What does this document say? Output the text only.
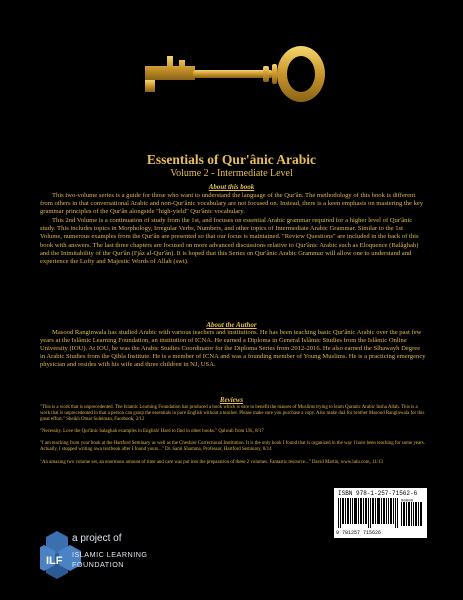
Essentials of Qur'ânic Arabic
Volume 2 - Intermediate Level
About this book

This two-volume series is a guide for those who want to understand the language of the Qur'ân. The methodology of this book is different from others in that conversational Arabic and non-Qur'ânic vocabulary are not focused on. Instead, there is a keen emphasis on mastering the key grammar principles of the Qur'ân alongside "high-yield" Qur'ânic vocabulary.

This 2nd Volume is a continuation of study from the 1st, and focuses on essential Arabic grammar required for a higher level of Qur'ânic study. This includes topics in Morphology, Irregular Verbs, Numbers, and other topics of Intermediate Arabic Grammar. Similar to the 1st Volume, numerous examples from the Qur'ân are presented so that our focus is maintained. "Review Questions" are included in the back of this book with answers. The last three chapters are focused on more advanced discussions relative to Qur'ânic Arabic such as Eloquence (Balâghah) and the Inimitability of the Qur'ân (I'jâz al-Qur'ân). It is hoped that this Series on Qur'ânic Arabic Grammar will allow one to understand and experience the Lofty and Majestic Words of Allah (swt).

About the Author

Masood Ranginwala has studied Arabic with various teachers and institutions. He has been teaching basic Qur'ânic Arabic over the past few years at the Islâmic Learning Foundation, an institution of ICNA. He earned a Diploma in General Islâmic Studies from the Islâmic Online University (IOU). At IOU, he was the Arabic Studies Coordinator for the Diploma Series from 2012-2016. He also earned the Sîhawayh Degree in Arabic Studies from the Qibla Institute. He is a member of ICNA and was a founding member of Young Muslims. He is a practicing emergency physician and resides with his wife and three children in NJ, USA.

Reviews

"This is a work that is unprecedented. The Islamic Learning Foundation has produced a book which is sure to benefit the masses of Muslims trying to learn Quranic Arabic Insha Allah. This is a work that is unprecedented in that a person can grasp the essentials in pure English without a teacher. Please make sure you purchase a copy. Also make duâ for brother Masood Ranginwala for this great effort." Sheikh Omar Suleiman, Facebook, 2/12

"Necessity. Love the Qur'ânic balaghah examples in English! Hard to find in other books." Qalwah from UK, 8/17

"I am teaching from your book at the Hartford Seminary as well as the Cheshire Correctional Institution. It is the only book I found that is organized in the way I have been teaching for some years. Actually, I stopped writing own textbook after I found yours..." Dr. Sami Shamma, Professor, Hartford Seminary, 8/14

"An amazing two volume set, an enormous amount of time and care was put into the preparation of these 2 volumes. Fantastic resource..." David Martin, www.lulu.com, 11/13

ILF
a project of
ISLAMIC LEARNING
FOUNDATION
ISBN 978-1-257-71562-6
90000
9 781257 715626
